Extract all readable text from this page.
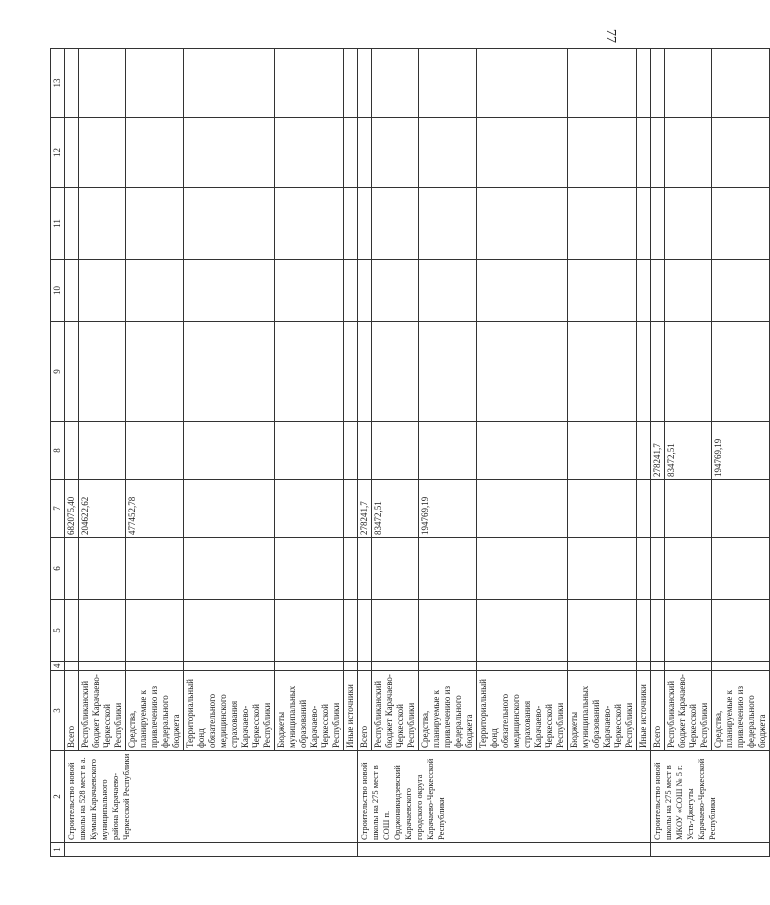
77
1	2	3	4	5	6	7	8	9	10	11	12	13
	Строительство новой школы на 528 мест в а. Кумыш Карачаевского муниципального района Карачаево-Черкесской Республики	Всего				682075,40						
		Республиканский бюджет Карачаево-Черкесской Республики				204622,62						
		Средства, планируемые к привлечению из федерального бюджета				477452,78						
		Территориальный фонд обязательного медицинского страхования Карачаево-Черкесской Республики										
		Бюджеты муниципальных образований Карачаево-Черкесской Республики										
		Иные источники										
	Строительство новой школы на 275 мест в СОШ п. Орджоникидзевский Карачаевского городского округа Карачаево-Черкесской Республики	Всего				278241,7						
		Республиканский бюджет Карачаево-Черкесской Республики				83472,51						
		Средства, планируемые к привлечению из федерального бюджета				194769,19						
		Территориальный фонд обязательного медицинского страхования Карачаево-Черкесской Республики										
		Бюджеты муниципальных образований Карачаево-Черкесской Республики										
		Иные источники										
	Строительство новой школы на 275 мест в МКОУ «СОШ № 5 г. Усть-Джегуты Карачаево-Черкесской Республики	Всего					278241,7					
		Республиканский бюджет Карачаево-Черкесской Республики					83472,51					
		Средства, планируемые к привлечению из федерального бюджета					194769,19					
